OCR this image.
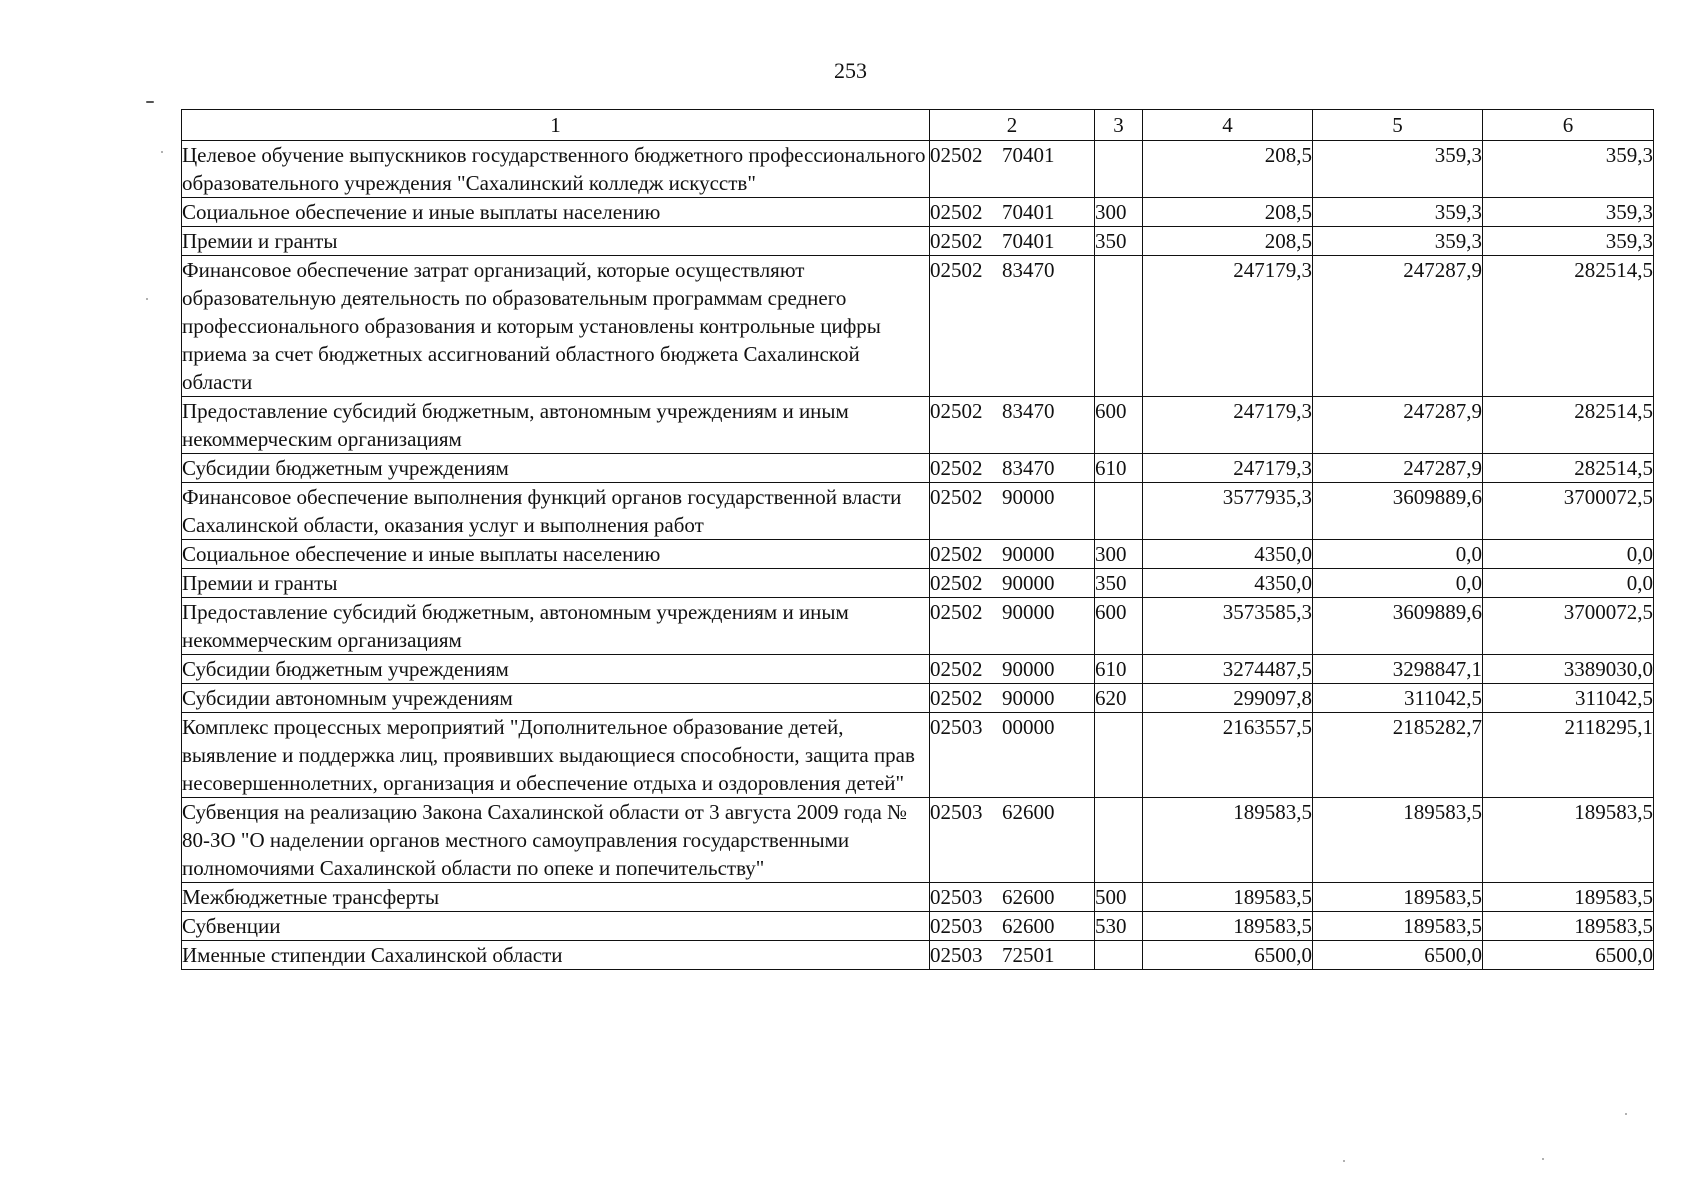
253
1	2	3	4	5	6
Целевое обучение выпускников государственного бюджетного профессионального образовательного учреждения "Сахалинский колледж искусств"	02502 70401		208,5	359,3	359,3
Социальное обеспечение и иные выплаты населению	02502 70401	300	208,5	359,3	359,3
Премии и гранты	02502 70401	350	208,5	359,3	359,3
Финансовое обеспечение затрат организаций, которые осуществляют образовательную деятельность по образовательным программам среднего профессионального образования и которым установлены контрольные цифры приема за счет бюджетных ассигнований областного бюджета Сахалинской области	02502 83470		247179,3	247287,9	282514,5
Предоставление субсидий бюджетным, автономным учреждениям и иным некоммерческим организациям	02502 83470	600	247179,3	247287,9	282514,5
Субсидии бюджетным учреждениям	02502 83470	610	247179,3	247287,9	282514,5
Финансовое обеспечение выполнения функций органов государственной власти Сахалинской области, оказания услуг и выполнения работ	02502 90000		3577935,3	3609889,6	3700072,5
Социальное обеспечение и иные выплаты населению	02502 90000	300	4350,0	0,0	0,0
Премии и гранты	02502 90000	350	4350,0	0,0	0,0
Предоставление субсидий бюджетным, автономным учреждениям и иным некоммерческим организациям	02502 90000	600	3573585,3	3609889,6	3700072,5
Субсидии бюджетным учреждениям	02502 90000	610	3274487,5	3298847,1	3389030,0
Субсидии автономным учреждениям	02502 90000	620	299097,8	311042,5	311042,5
Комплекс процессных мероприятий "Дополнительное образование детей, выявление и поддержка лиц, проявивших выдающиеся способности, защита прав несовершеннолетних, организация и обеспечение отдыха и оздоровления детей"	02503 00000		2163557,5	2185282,7	2118295,1
Субвенция на реализацию Закона Сахалинской области от 3 августа 2009 года № 80-ЗО "О наделении органов местного самоуправления государственными полномочиями Сахалинской области по опеке и попечительству"	02503 62600		189583,5	189583,5	189583,5
Межбюджетные трансферты	02503 62600	500	189583,5	189583,5	189583,5
Субвенции	02503 62600	530	189583,5	189583,5	189583,5
Именные стипендии Сахалинской области	02503 72501		6500,0	6500,0	6500,0
